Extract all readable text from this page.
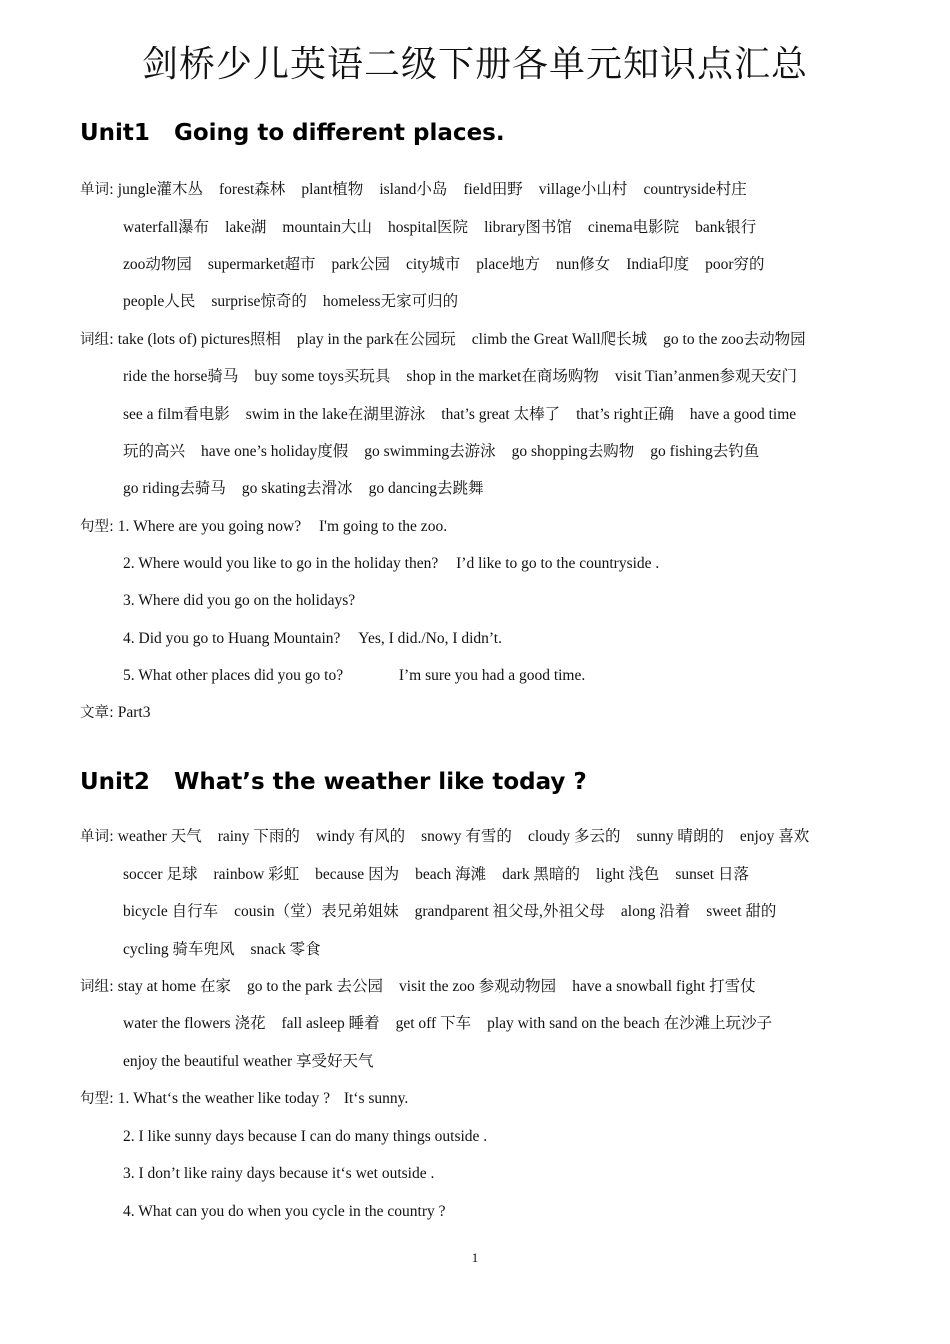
剑桥少儿英语二级下册各单元知识点汇总
Unit1   Going to different places.
单词: jungle灌木丛 forest森林 plant植物 island小岛 field田野 village小山村 countryside村庄
waterfall瀑布 lake湖 mountain大山 hospital医院 library图书馆 cinema电影院 bank银行
zoo动物园 supermarket超市 park公园 city城市 place地方 nun修女 India印度 poor穷的
people人民 surprise惊奇的 homeless无家可归的
词组: take (lots of) pictures照相 play in the park在公园玩 climb the Great Wall爬长城 go to the zoo去动物园
ride the horse骑马 buy some toys买玩具 shop in the market在商场购物 visit Tian’anmen参观天安门
see a film看电影 swim in the lake在湖里游泳 that’s great 太棒了 that’s right正确 have a good time
玩的高兴 have one’s holiday度假 go swimming去游泳 go shopping去购物 go fishing去钓鱼
go riding去骑马 go skating去滑冰 go dancing去跳舞
句型: 1. Where are you going now? I'm going to the zoo.
2. Where would you like to go in the holiday then? I’d like to go to the countryside .
3. Where did you go on the holidays?
4. Did you go to Huang Mountain? Yes, I did./No, I didn’t.
5. What other places did you go to?	I’m sure you had a good time.
文章: Part3
Unit2   What’s the weather like today ?
单词: weather 天气 rainy 下雨的 windy 有风的 snowy 有雪的 cloudy 多云的 sunny 晴朗的 enjoy 喜欢
soccer 足球 rainbow 彩虹 because 因为 beach 海滩 dark 黑暗的 light 浅色 sunset 日落
bicycle 自行车 cousin（堂）表兄弟姐妹 grandparent 祖父母,外祖父母 along 沿着 sweet 甜的
cycling 骑车兜风 snack 零食
词组: stay at home 在家 go to the park 去公园 visit the zoo 参观动物园 have a snowball fight 打雪仗
water the flowers 浇花 fall asleep 睡着 get off 下车 play with sand on the beach 在沙滩上玩沙子
enjoy the beautiful weather 享受好天气
句型: 1. What‘s the weather like today ? It‘s sunny.
2. I like sunny days because I can do many things outside .
3. I don’t like rainy days because it‘s wet outside .
4. What can you do when you cycle in the country ?
1
